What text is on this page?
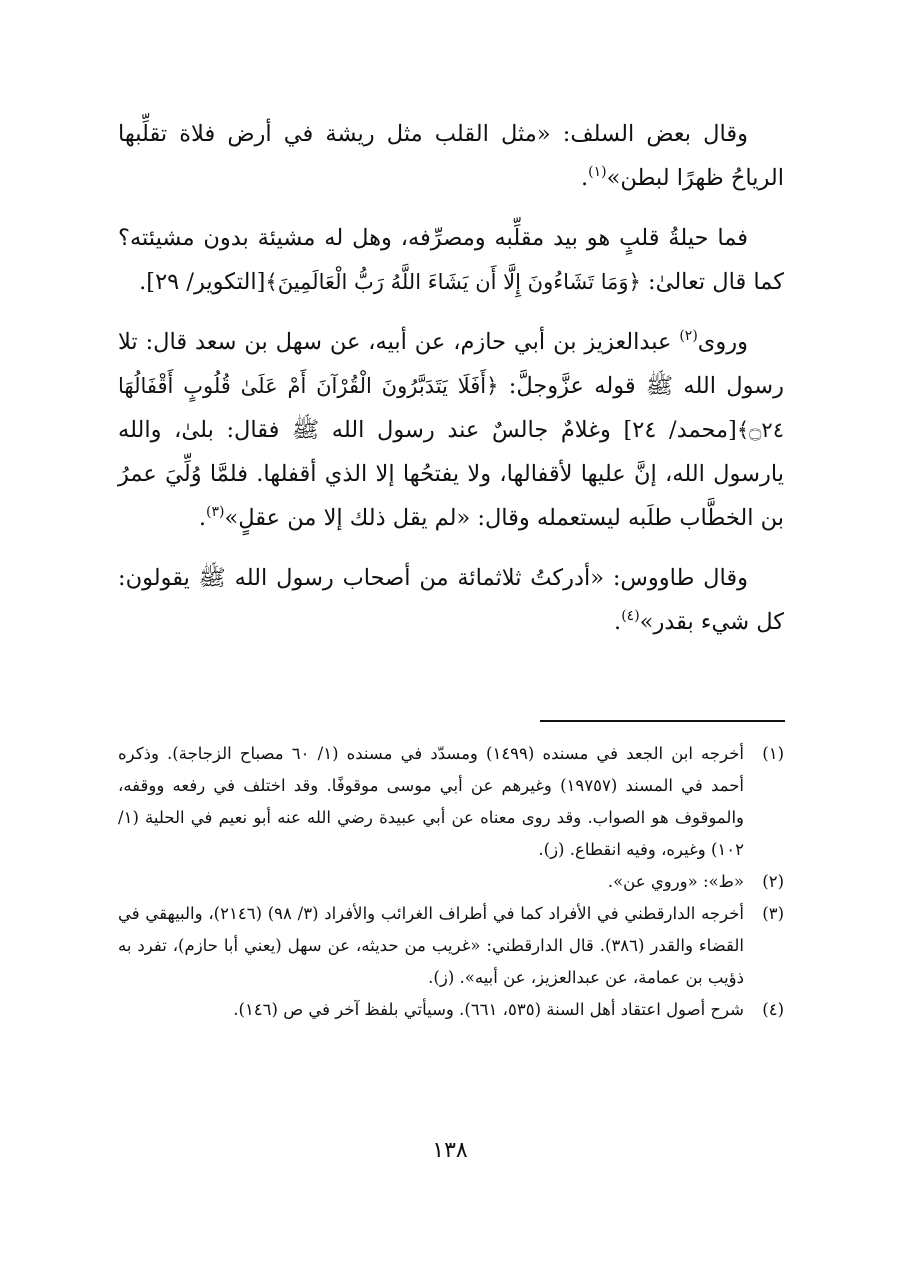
وقال بعض السلف: «مثل القلب مثل ريشة في أرض فلاة تقلِّبها الرياحُ ظهرًا لبطن»$^{(١)}$.

فما حيلةُ قلبٍ هو بيد مقلِّبه ومصرِّفه، وهل له مشيئة بدون مشيئته؟ كما قال تعالىٰ: ﴿وَمَا تَشَاءُونَ إِلَّا أَن يَشَاءَ اللَّهُ رَبُّ الْعَالَمِينَ﴾[التكوير/ ٢٩].

وروى$^{(٢)}$ عبدالعزيز بن أبي حازم، عن أبيه، عن سهل بن سعد قال: تلا رسول الله ﷺ قوله عزَّوجلَّ: ﴿أَفَلَا يَتَدَبَّرُونَ الْقُرْآنَ أَمْ عَلَىٰ قُلُوبٍ أَقْفَالُهَا ۝٢٤﴾[محمد/ ٢٤] وغلامٌ جالسٌ عند رسول الله ﷺ فقال: بلىٰ، والله يارسول الله، إنَّ عليها لأقفالها، ولا يفتحُها إلا الذي أقفلها. فلمَّا وُلِّيَ عمرُ بن الخطَّاب طلَبه ليستعمله وقال: «لم يقل ذلك إلا من عقلٍ»$^{(٣)}$.

وقال طاووس: «أدركتُ ثلاثمائة من أصحاب رسول الله ﷺ يقولون: كل شيء بقدر»$^{(٤)}$.

(١)
أخرجه ابن الجعد في مسنده (١٤٩٩) ومسدّد في مسنده (١/ ٦٠ مصباح الزجاجة). وذكره أحمد في المسند (١٩٧٥٧) وغيرهم عن أبي موسى موقوفًا. وقد اختلف في رفعه ووقفه، والموقوف هو الصواب. وقد روى معناه عن أبي عبيدة رضي الله عنه أبو نعيم في الحلية (١/ ١٠٢) وغيره، وفيه انقطاع. (ز).

(٢)
«ط»: «وروي عن».

(٣)
أخرجه الدارقطني في الأفراد كما في أطراف الغرائب والأفراد (٣/ ٩٨) (٢١٤٦)، والبيهقي في القضاء والقدر (٣٨٦). قال الدارقطني: «غريب من حديثه، عن سهل (يعني أبا حازم)، تفرد به ذؤيب بن عمامة، عن عبدالعزيز، عن أبيه». (ز).

(٤)
شرح أصول اعتقاد أهل السنة (٥٣٥، ٦٦١). وسيأتي بلفظ آخر في ص (١٤٦).

١٣٨
